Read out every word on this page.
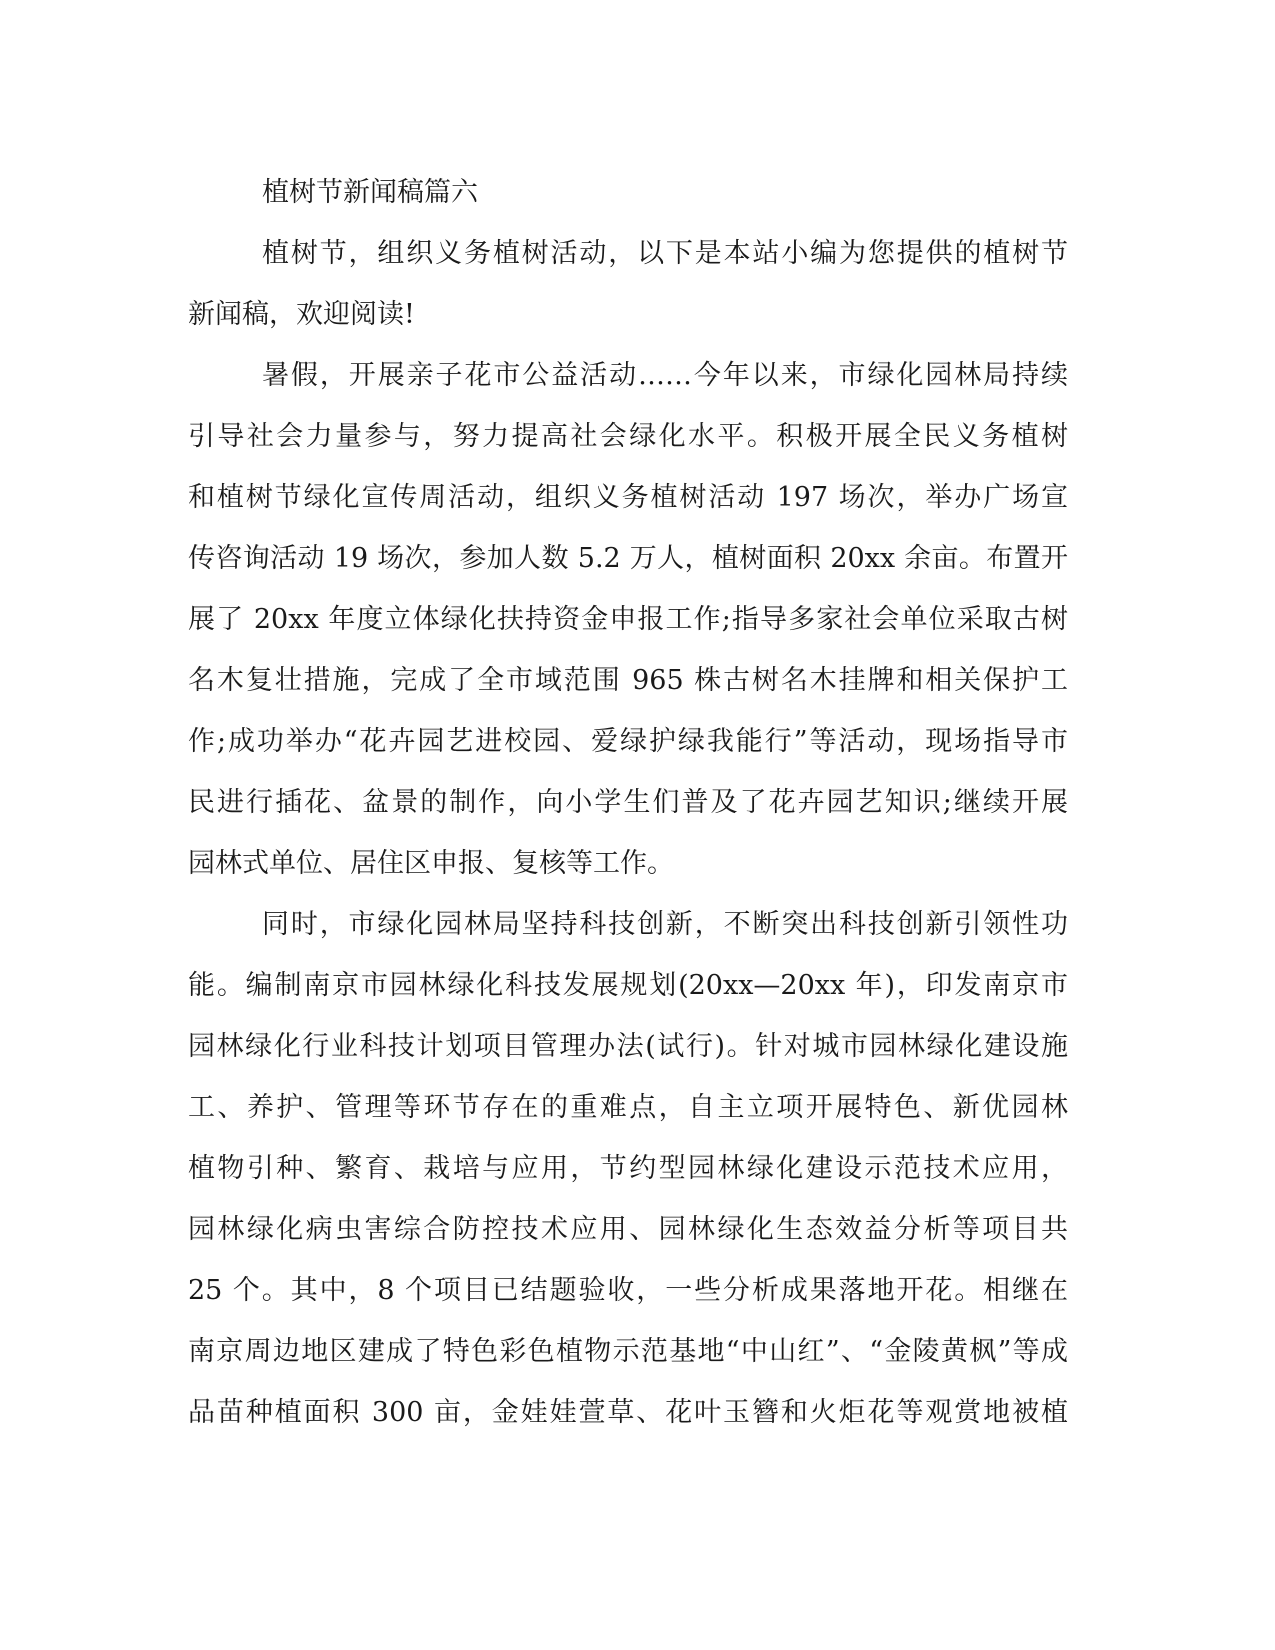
植树节新闻稿篇六
植树节，组织义务植树活动，以下是本站小编为您提供的植树节
新闻稿，欢迎阅读!
暑假，开展亲子花市公益活动……今年以来，市绿化园林局持续
引导社会力量参与，努力提高社会绿化水平。积极开展全民义务植树
和植树节绿化宣传周活动，组织义务植树活动 197 场次，举办广场宣
传咨询活动 19 场次，参加人数 5.2 万人，植树面积 20xx 余亩。布置开
展了 20xx 年度立体绿化扶持资金申报工作;指导多家社会单位采取古树
名木复壮措施，完成了全市域范围 965 株古树名木挂牌和相关保护工
作;成功举办“花卉园艺进校园、爱绿护绿我能行”等活动，现场指导市
民进行插花、盆景的制作，向小学生们普及了花卉园艺知识;继续开展
园林式单位、居住区申报、复核等工作。
同时，市绿化园林局坚持科技创新，不断突出科技创新引领性功
能。编制南京市园林绿化科技发展规划(20xx—20xx 年)，印发南京市
园林绿化行业科技计划项目管理办法(试行)。针对城市园林绿化建设施
工、养护、管理等环节存在的重难点，自主立项开展特色、新优园林
植物引种、繁育、栽培与应用，节约型园林绿化建设示范技术应用，
园林绿化病虫害综合防控技术应用、园林绿化生态效益分析等项目共
25 个。其中，8 个项目已结题验收，一些分析成果落地开花。相继在
南京周边地区建成了特色彩色植物示范基地“中山红”、“金陵黄枫”等成
品苗种植面积 300 亩，金娃娃萱草、花叶玉簪和火炬花等观赏地被植
